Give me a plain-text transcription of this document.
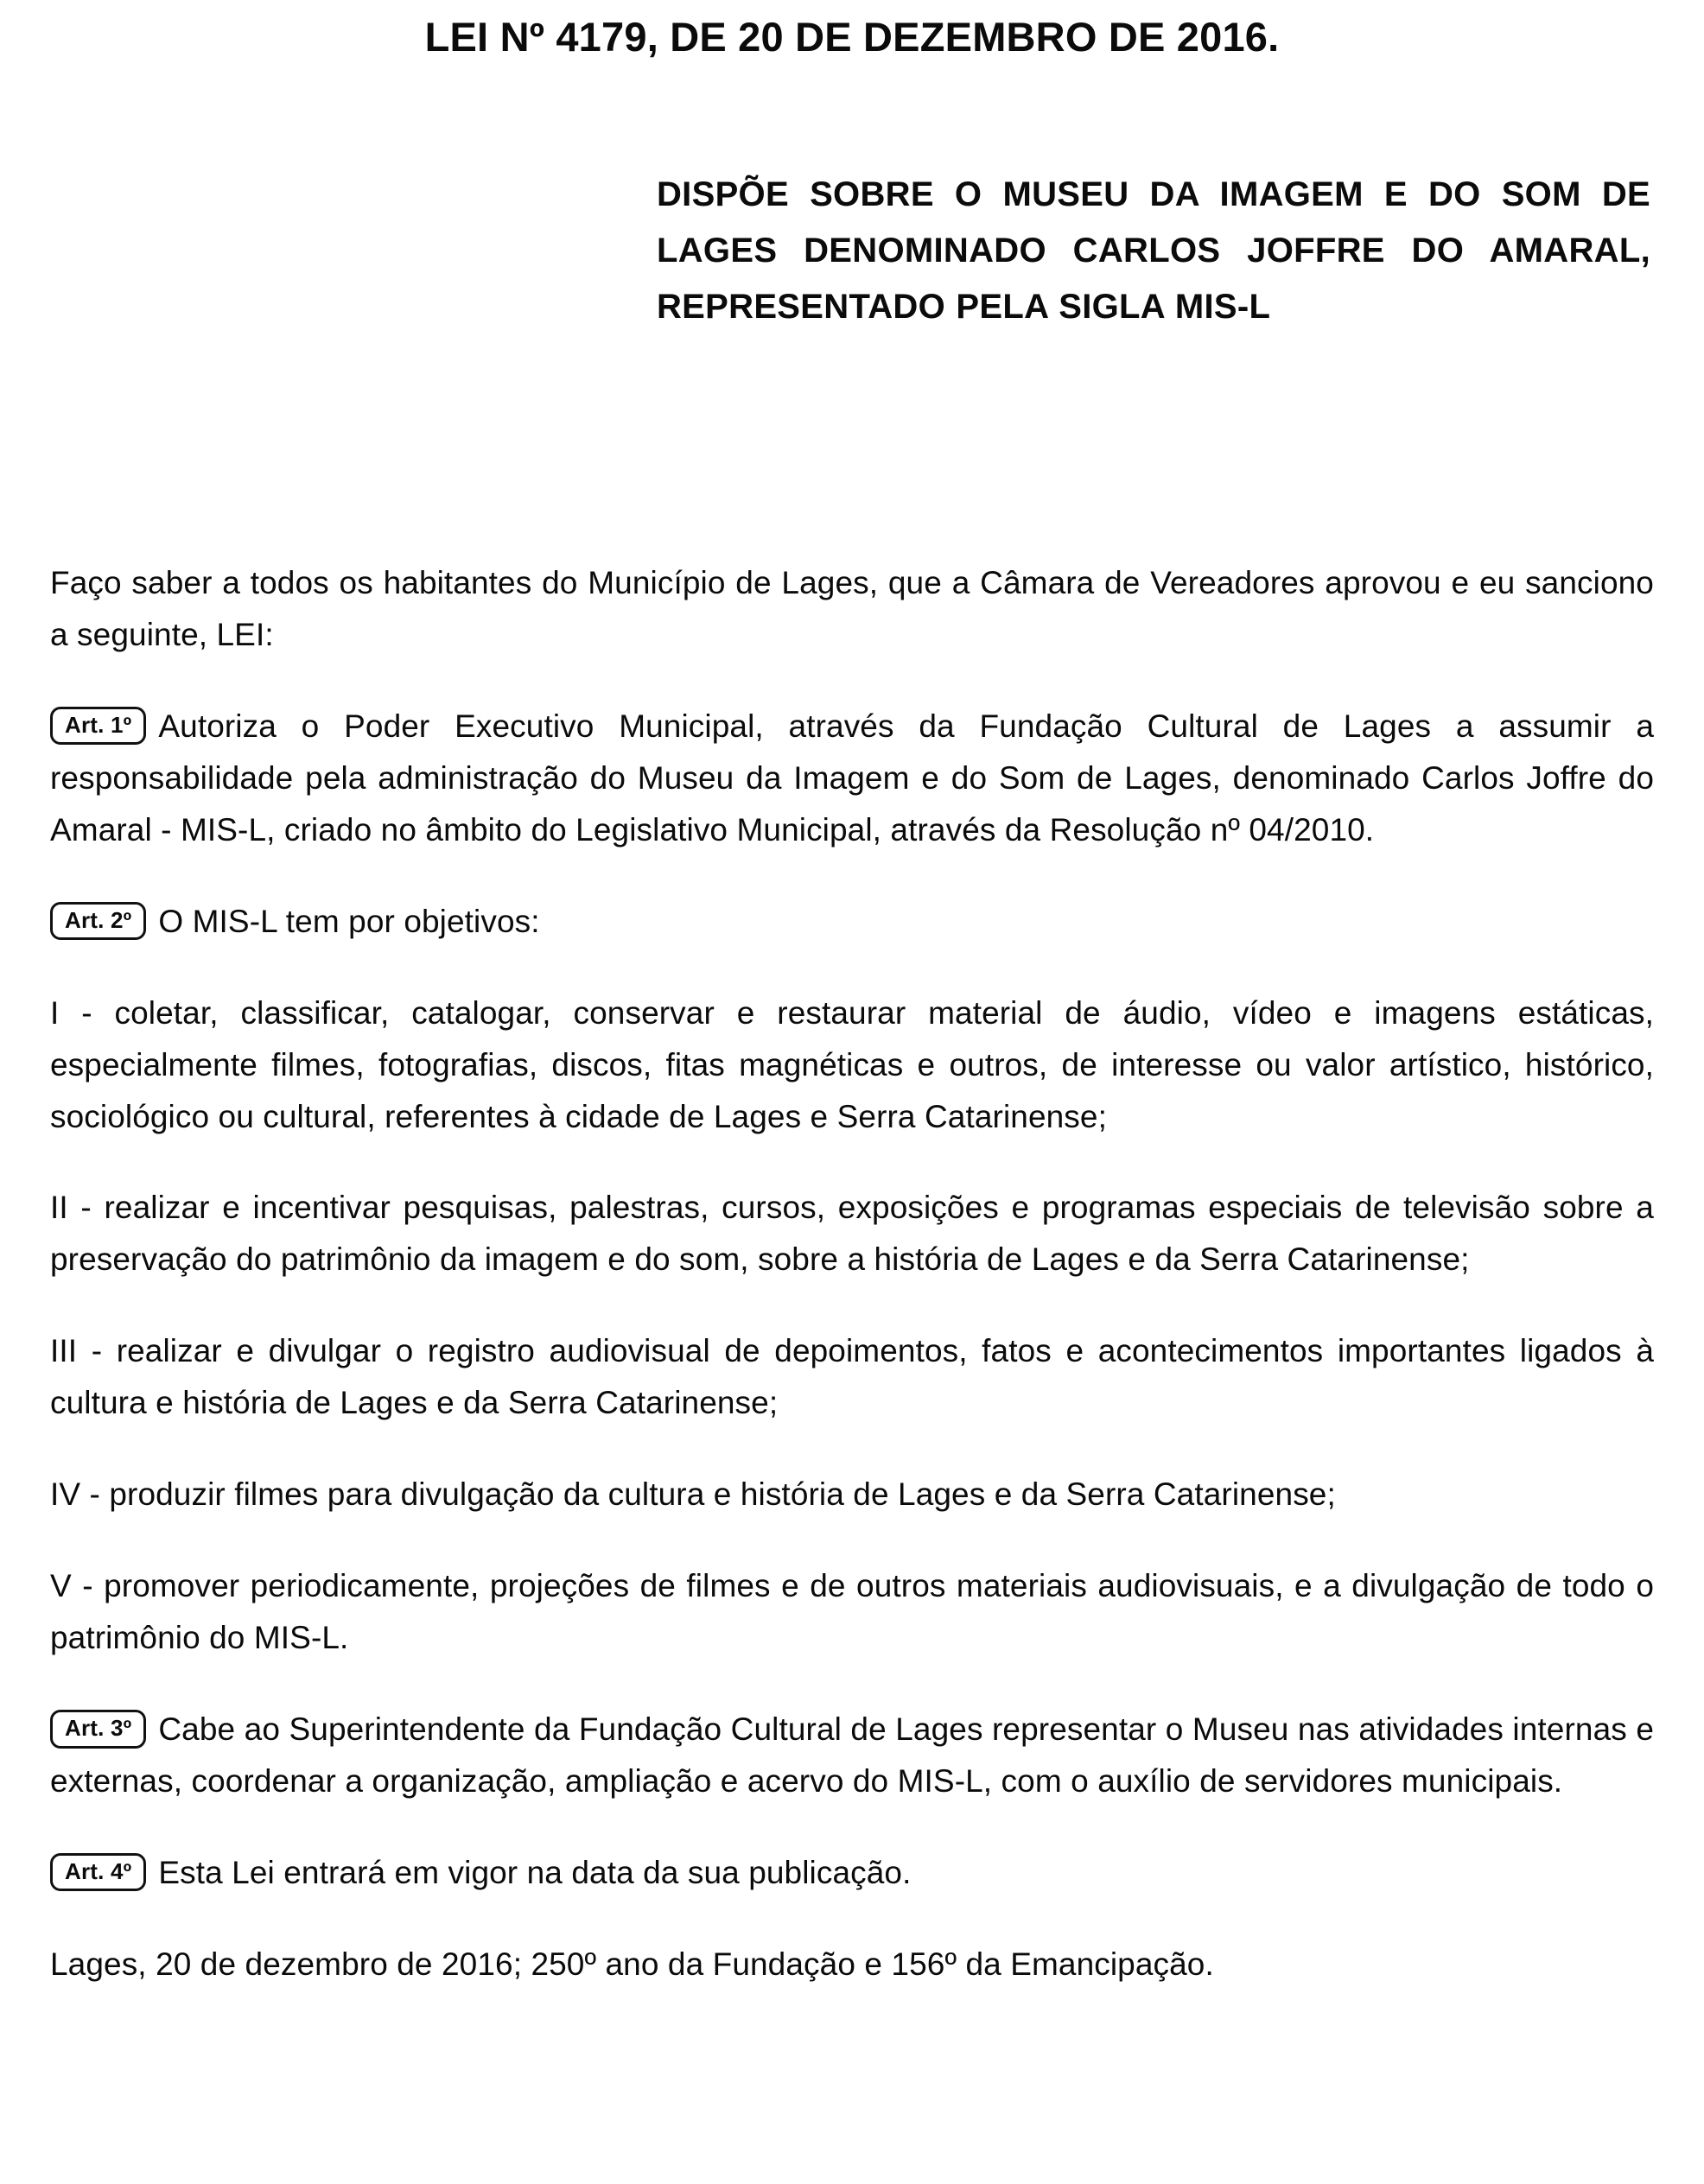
LEI Nº 4179, DE 20 DE DEZEMBRO DE 2016.
DISPÕE SOBRE O MUSEU DA IMAGEM E DO SOM DE LAGES DENOMINADO CARLOS JOFFRE DO AMARAL, REPRESENTADO PELA SIGLA MIS-L

Faço saber a todos os habitantes do Município de Lages, que a Câmara de Vereadores aprovou e eu sanciono a seguinte, LEI:

Art. 1º Autoriza o Poder Executivo Municipal, através da Fundação Cultural de Lages a assumir a responsabilidade pela administração do Museu da Imagem e do Som de Lages, denominado Carlos Joffre do Amaral - MIS-L, criado no âmbito do Legislativo Municipal, através da Resolução nº 04/2010.

Art. 2º O MIS-L tem por objetivos:

I - coletar, classificar, catalogar, conservar e restaurar material de áudio, vídeo e imagens estáticas, especialmente filmes, fotografias, discos, fitas magnéticas e outros, de interesse ou valor artístico, histórico, sociológico ou cultural, referentes à cidade de Lages e Serra Catarinense;

II - realizar e incentivar pesquisas, palestras, cursos, exposições e programas especiais de televisão sobre a preservação do patrimônio da imagem e do som, sobre a história de Lages e da Serra Catarinense;

III - realizar e divulgar o registro audiovisual de depoimentos, fatos e acontecimentos importantes ligados à cultura e história de Lages e da Serra Catarinense;

IV - produzir filmes para divulgação da cultura e história de Lages e da Serra Catarinense;

V - promover periodicamente, projeções de filmes e de outros materiais audiovisuais, e a divulgação de todo o patrimônio do MIS-L.

Art. 3º Cabe ao Superintendente da Fundação Cultural de Lages representar o Museu nas atividades internas e externas, coordenar a organização, ampliação e acervo do MIS-L, com o auxílio de servidores municipais.

Art. 4º Esta Lei entrará em vigor na data da sua publicação.

Lages, 20 de dezembro de 2016; 250º ano da Fundação e 156º da Emancipação.
